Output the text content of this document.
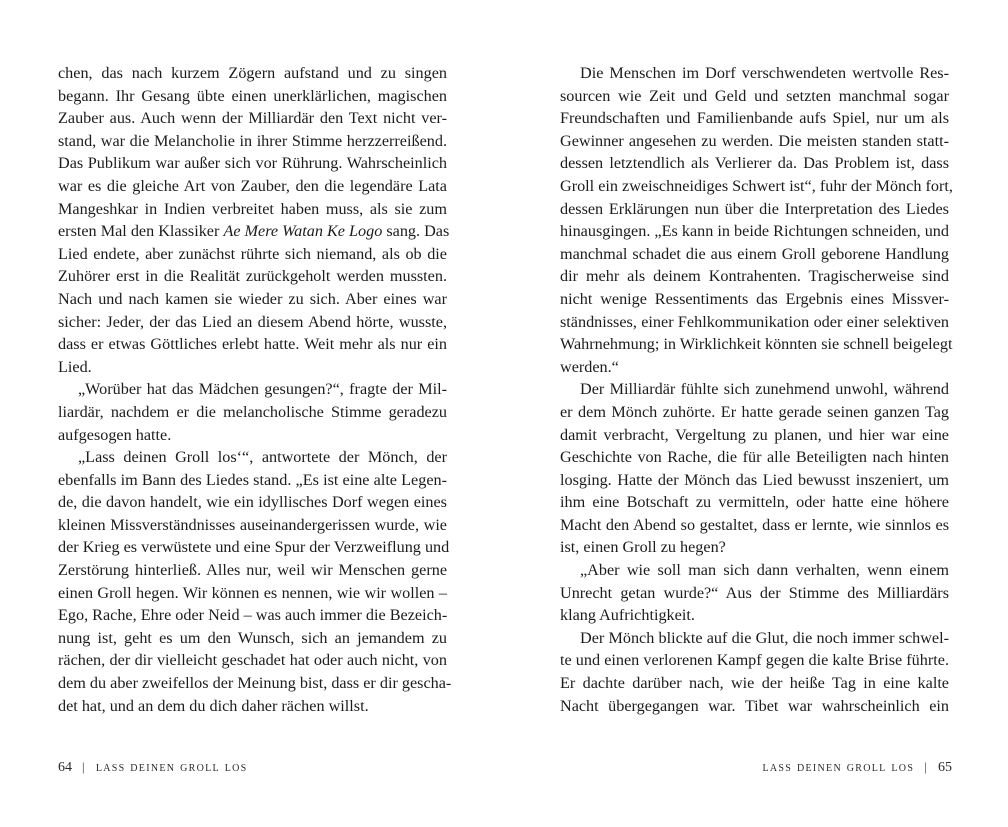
chen, das nach kurzem Zögern aufstand und zu singen
begann. Ihr Gesang übte einen unerklärlichen, magischen
Zauber aus. Auch wenn der Milliardär den Text nicht ver-
stand, war die Melancholie in ihrer Stimme herzzerreißend.
Das Publikum war außer sich vor Rührung. Wahrscheinlich
war es die gleiche Art von Zauber, den die legendäre Lata
Mangeshkar in Indien verbreitet haben muss, als sie zum
ersten Mal den Klassiker Ae Mere Watan Ke Logo sang. Das
Lied endete, aber zunächst rührte sich niemand, als ob die
Zuhörer erst in die Realität zurückgeholt werden mussten.
Nach und nach kamen sie wieder zu sich. Aber eines war
sicher: Jeder, der das Lied an diesem Abend hörte, wusste,
dass er etwas Göttliches erlebt hatte. Weit mehr als nur ein
Lied.
„Worüber hat das Mädchen gesungen?“, fragte der Mil-
liardär, nachdem er die melancholische Stimme geradezu
aufgesogen hatte.
„Lass deinen Groll los‘“, antwortete der Mönch, der
ebenfalls im Bann des Liedes stand. „Es ist eine alte Legen-
de, die davon handelt, wie ein idyllisches Dorf wegen eines
kleinen Missverständnisses auseinandergerissen wurde, wie
der Krieg es verwüstete und eine Spur der Verzweiflung und
Zerstörung hinterließ. Alles nur, weil wir Menschen gerne
einen Groll hegen. Wir können es nennen, wie wir wollen –
Ego, Rache, Ehre oder Neid – was auch immer die Bezeich-
nung ist, geht es um den Wunsch, sich an jemandem zu
rächen, der dir vielleicht geschadet hat oder auch nicht, von
dem du aber zweifellos der Meinung bist, dass er dir gescha-
det hat, und an dem du dich daher rächen willst.
Die Menschen im Dorf verschwendeten wertvolle Res-
sourcen wie Zeit und Geld und setzten manchmal sogar
Freundschaften und Familienbande aufs Spiel, nur um als
Gewinner angesehen zu werden. Die meisten standen statt-
dessen letztendlich als Verlierer da. Das Problem ist, dass
Groll ein zweischneidiges Schwert ist“, fuhr der Mönch fort,
dessen Erklärungen nun über die Interpretation des Liedes
hinausgingen. „Es kann in beide Richtungen schneiden, und
manchmal schadet die aus einem Groll geborene Handlung
dir mehr als deinem Kontrahenten. Tragischerweise sind
nicht wenige Ressentiments das Ergebnis eines Missver-
ständnisses, einer Fehlkommunikation oder einer selektiven
Wahrnehmung; in Wirklichkeit könnten sie schnell beigelegt
werden.“
Der Milliardär fühlte sich zunehmend unwohl, während
er dem Mönch zuhörte. Er hatte gerade seinen ganzen Tag
damit verbracht, Vergeltung zu planen, und hier war eine
Geschichte von Rache, die für alle Beteiligten nach hinten
losging. Hatte der Mönch das Lied bewusst inszeniert, um
ihm eine Botschaft zu vermitteln, oder hatte eine höhere
Macht den Abend so gestaltet, dass er lernte, wie sinnlos es
ist, einen Groll zu hegen?
„Aber wie soll man sich dann verhalten, wenn einem
Unrecht getan wurde?“ Aus der Stimme des Milliardärs
klang Aufrichtigkeit.
Der Mönch blickte auf die Glut, die noch immer schwel-
te und einen verlorenen Kampf gegen die kalte Brise führte.
Er dachte darüber nach, wie der heiße Tag in eine kalte
Nacht übergegangen war. Tibet war wahrscheinlich ein
64 | lass deinen groll los	lass deinen groll los | 65
